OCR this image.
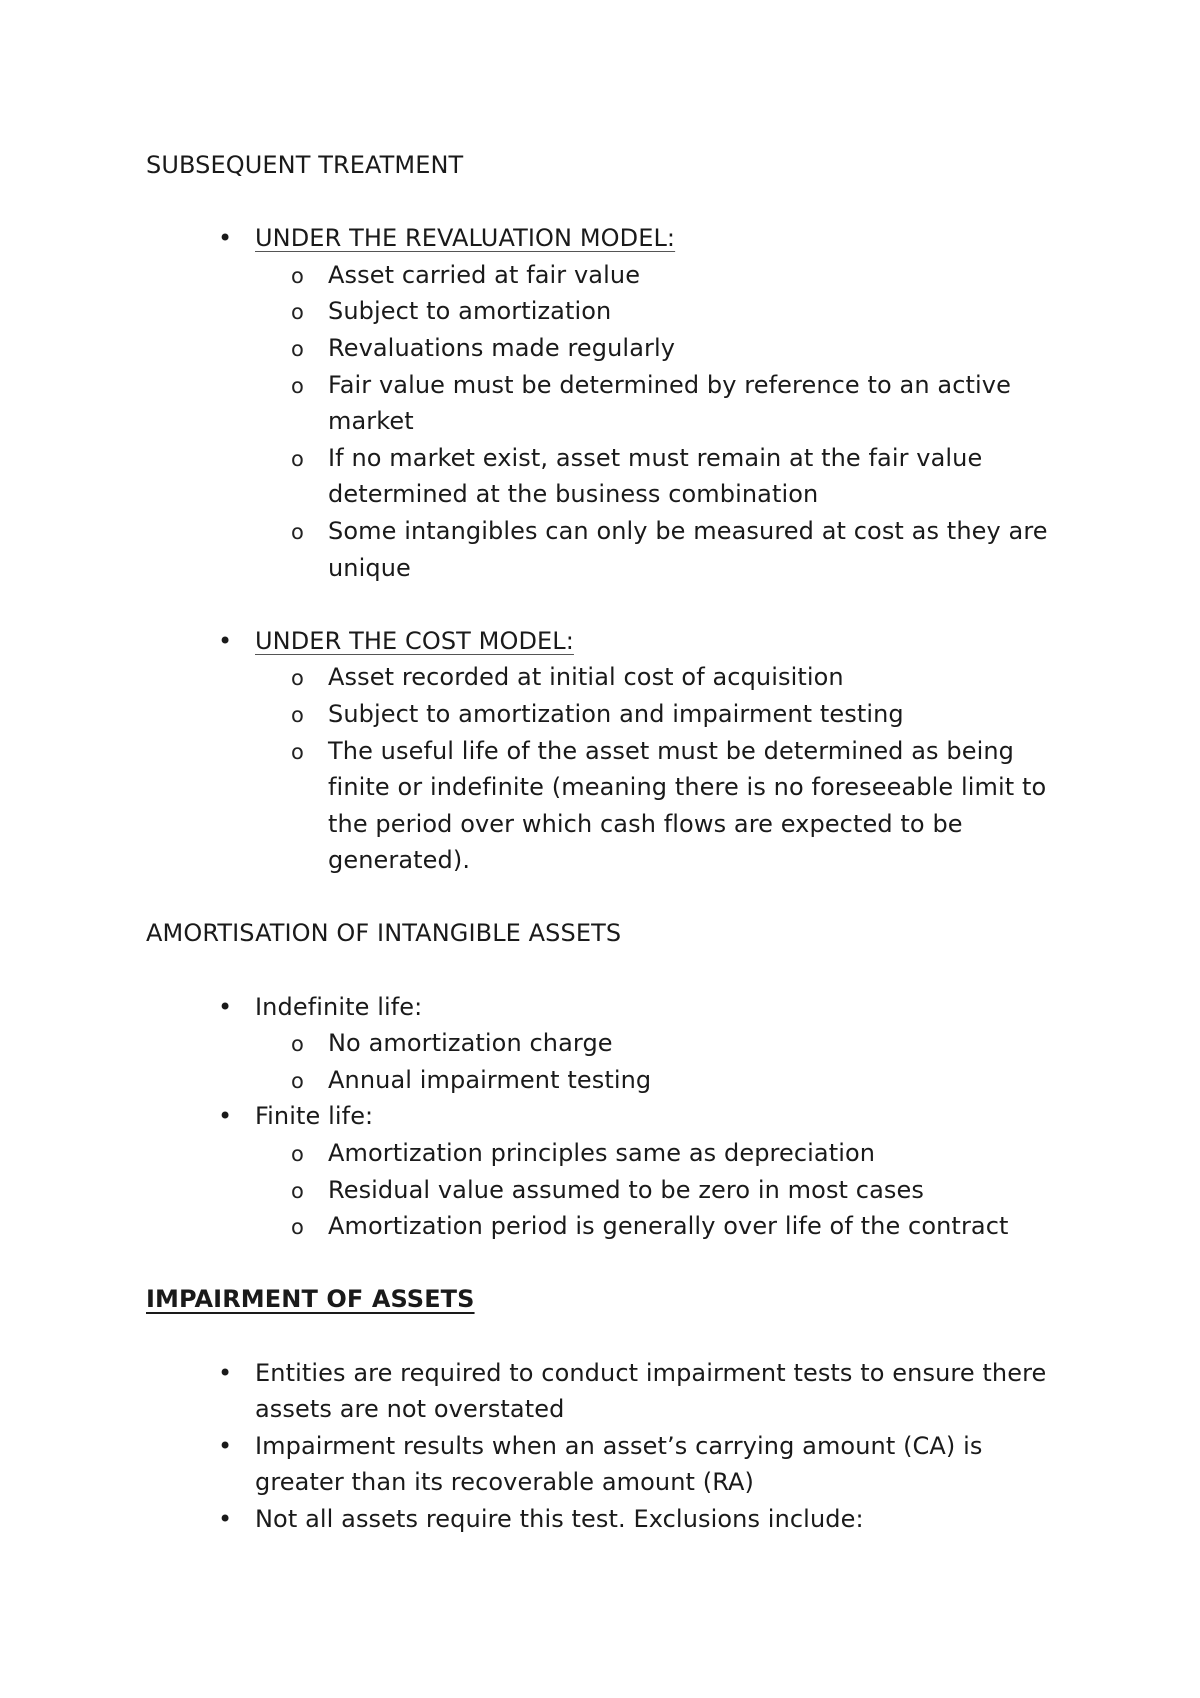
SUBSEQUENT TREATMENT
• UNDER THE REVALUATION MODEL:
o Asset carried at fair value
o Subject to amortization
o Revaluations made regularly
o Fair value must be determined by reference to an active market
o If no market exist, asset must remain at the fair value determined at the business combination
o Some intangibles can only be measured at cost as they are unique
• UNDER THE COST MODEL:
o Asset recorded at initial cost of acquisition
o Subject to amortization and impairment testing
o The useful life of the asset must be determined as being finite or indefinite (meaning there is no foreseeable limit to the period over which cash flows are expected to be generated).
AMORTISATION OF INTANGIBLE ASSETS
• Indefinite life:
o No amortization charge
o Annual impairment testing
• Finite life:
o Amortization principles same as depreciation
o Residual value assumed to be zero in most cases
o Amortization period is generally over life of the contract
IMPAIRMENT OF ASSETS
• Entities are required to conduct impairment tests to ensure there assets are not overstated
• Impairment results when an asset’s carrying amount (CA) is greater than its recoverable amount (RA)
• Not all assets require this test. Exclusions include:
